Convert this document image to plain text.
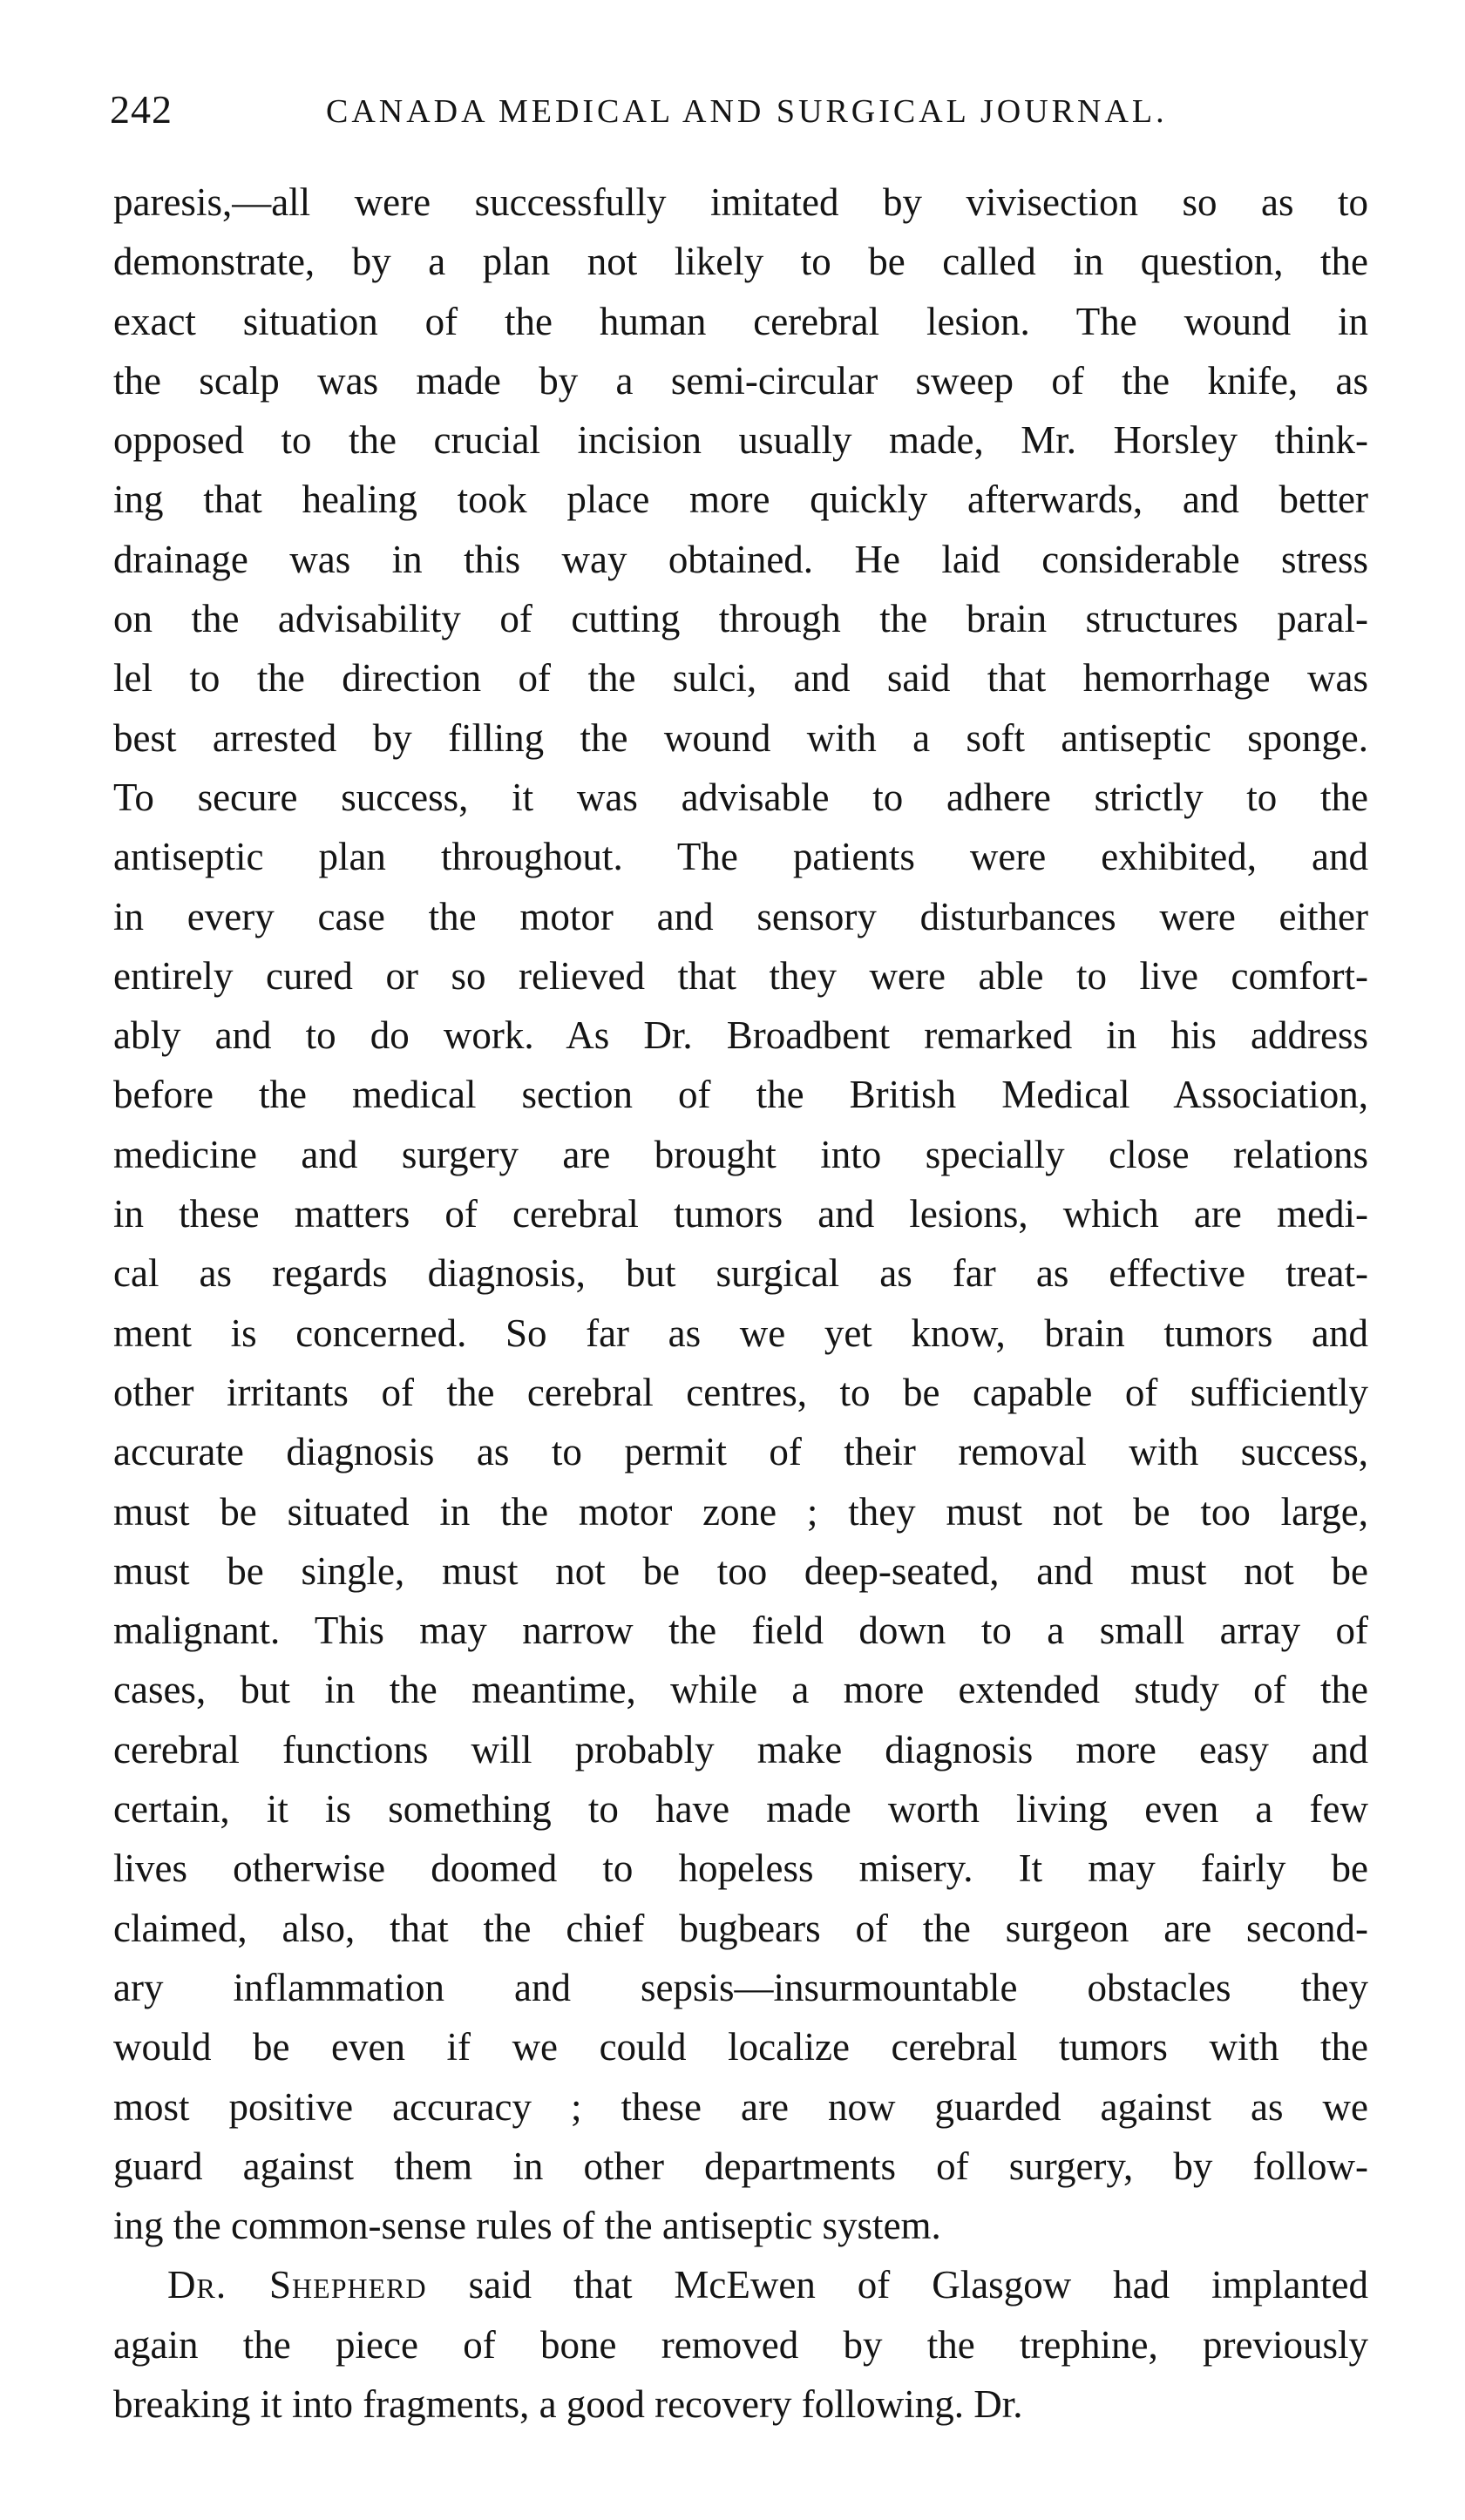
242	CANADA MEDICAL AND SURGICAL JOURNAL.
paresis,—all were successfully imitated by vivisection so as to
demonstrate, by a plan not likely to be called in question, the
exact situation of the human cerebral lesion. The wound in
the scalp was made by a semi-circular sweep of the knife, as
opposed to the crucial incision usually made, Mr. Horsley think-
ing that healing took place more quickly afterwards, and better
drainage was in this way obtained. He laid considerable stress
on the advisability of cutting through the brain structures paral-
lel to the direction of the sulci, and said that hemorrhage was
best arrested by filling the wound with a soft antiseptic sponge.
To secure success, it was advisable to adhere strictly to the
antiseptic plan throughout. The patients were exhibited, and
in every case the motor and sensory disturbances were either
entirely cured or so relieved that they were able to live comfort-
ably and to do work. As Dr. Broadbent remarked in his address
before the medical section of the British Medical Association,
medicine and surgery are brought into specially close relations
in these matters of cerebral tumors and lesions, which are medi-
cal as regards diagnosis, but surgical as far as effective treat-
ment is concerned. So far as we yet know, brain tumors and
other irritants of the cerebral centres, to be capable of sufficiently
accurate diagnosis as to permit of their removal with success,
must be situated in the motor zone ; they must not be too large,
must be single, must not be too deep-seated, and must not be
malignant. This may narrow the field down to a small array of
cases, but in the meantime, while a more extended study of the
cerebral functions will probably make diagnosis more easy and
certain, it is something to have made worth living even a few
lives otherwise doomed to hopeless misery. It may fairly be
claimed, also, that the chief bugbears of the surgeon are second-
ary inflammation and sepsis—insurmountable obstacles they
would be even if we could localize cerebral tumors with the
most positive accuracy ; these are now guarded against as we
guard against them in other departments of surgery, by follow-
ing the common-sense rules of the antiseptic system.
Dr. Shepherd said that McEwen of Glasgow had implanted
again the piece of bone removed by the trephine, previously
breaking it into fragments, a good recovery following. Dr.
